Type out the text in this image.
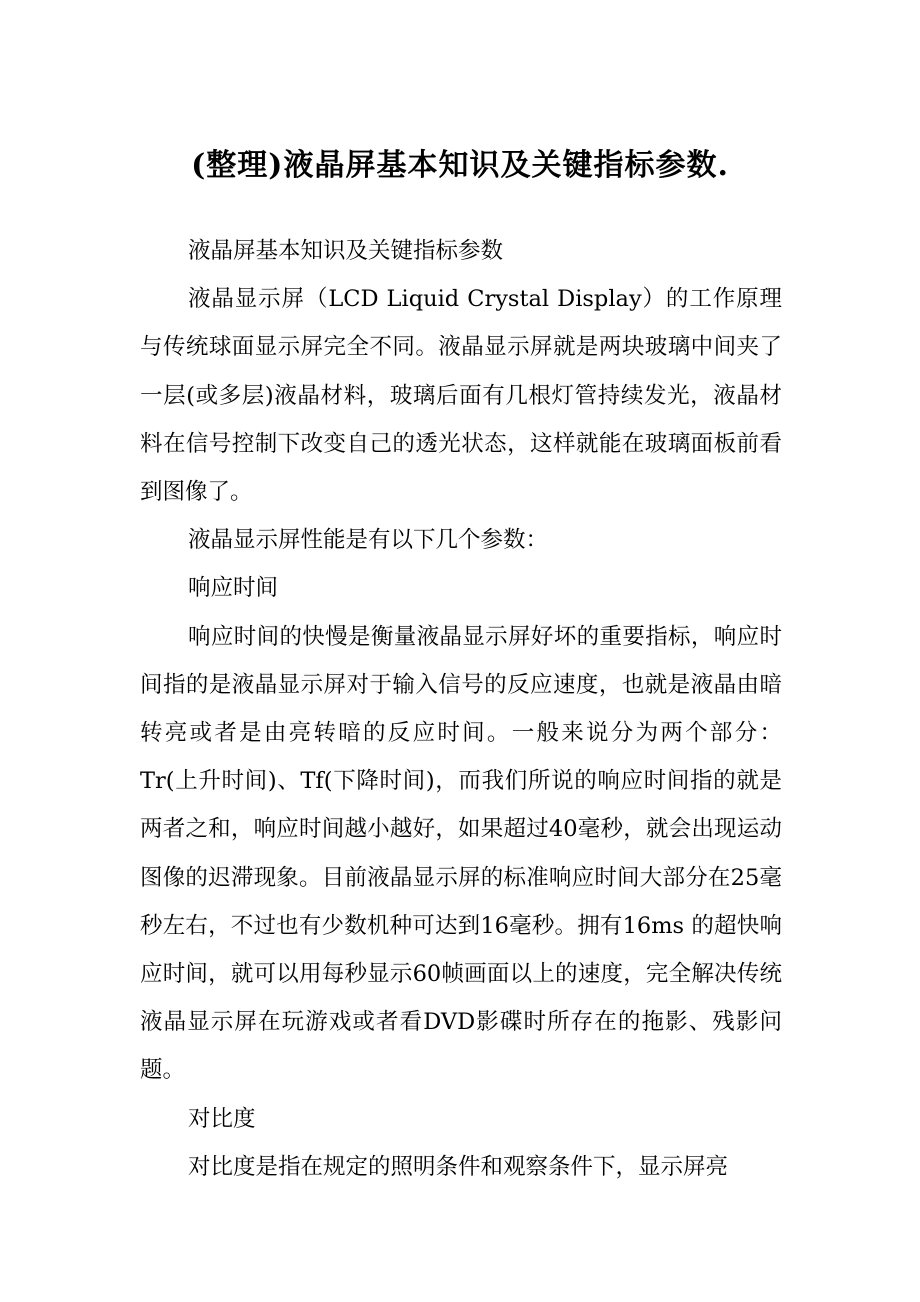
(整理)液晶屏基本知识及关键指标参数.

液晶屏基本知识及关键指标参数

液晶显示屏（LCD Liquid Crystal Display）的工作原理与传统球面显示屏完全不同。液晶显示屏就是两块玻璃中间夹了一层(或多层)液晶材料，玻璃后面有几根灯管持续发光，液晶材料在信号控制下改变自己的透光状态，这样就能在玻璃面板前看到图像了。

液晶显示屏性能是有以下几个参数：

响应时间

响应时间的快慢是衡量液晶显示屏好坏的重要指标，响应时间指的是液晶显示屏对于输入信号的反应速度，也就是液晶由暗转亮或者是由亮转暗的反应时间。一般来说分为两个部分：Tr(上升时间)、Tf(下降时间)，而我们所说的响应时间指的就是两者之和，响应时间越小越好，如果超过40毫秒，就会出现运动图像的迟滞现象。目前液晶显示屏的标准响应时间大部分在25毫秒左右，不过也有少数机种可达到16毫秒。拥有16ms 的超快响应时间，就可以用每秒显示60帧画面以上的速度，完全解决传统液晶显示屏在玩游戏或者看DVD影碟时所存在的拖影、残影问题。

对比度

对比度是指在规定的照明条件和观察条件下，显示屏亮
